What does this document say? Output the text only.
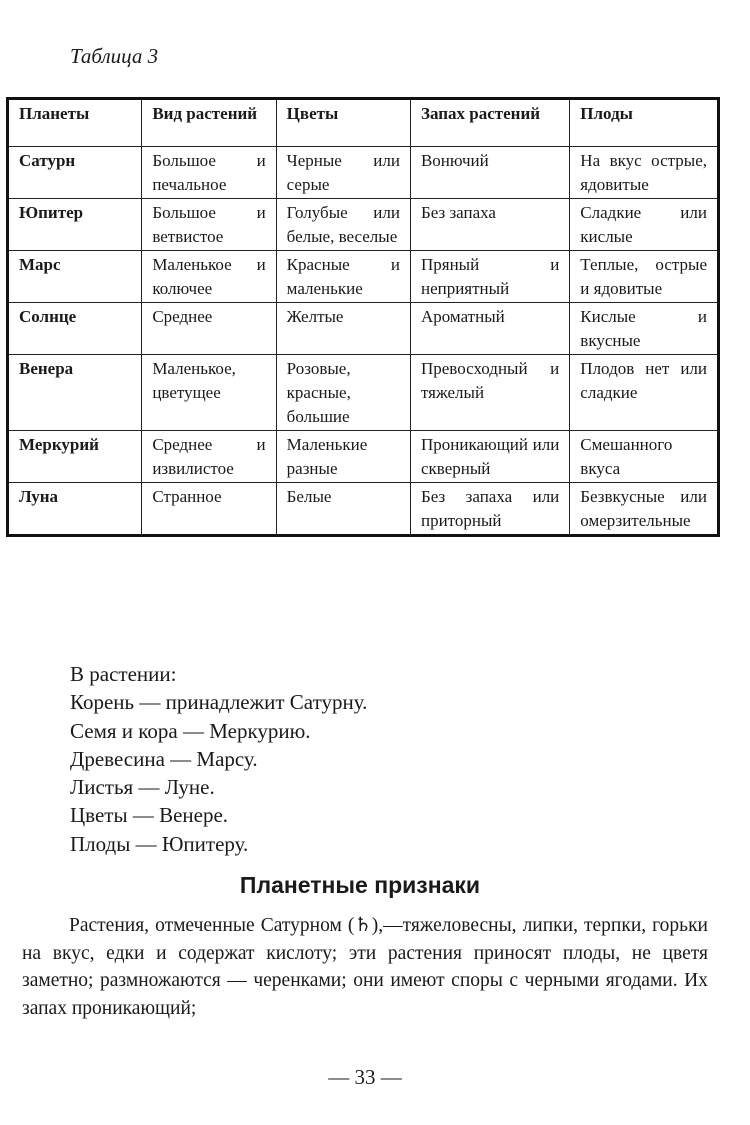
Таблица 3
Планеты	Вид растений	Цветы	Запах растений	Плоды
Сатурн	Большое и печальное	Черные или серые	Вонючий	На вкус острые, ядовитые
Юпитер	Большое и ветвистое	Голубые или белые, веселые	Без запаха	Сладкие или кислые
Марс	Маленькое и колючее	Красные и маленькие	Пряный и неприятный	Теплые, острые и ядовитые
Солнце	Среднее	Желтые	Ароматный	Кислые и вкусные
Венера	Маленькое, цветущее	Розовые, красные, большие	Превосходный и тяжелый	Плодов нет или сладкие
Меркурий	Среднее и извилистое	Маленькие разные	Проникающий или скверный	Смешанного вкуса
Луна	Странное	Белые	Без запаха или приторный	Безвкусные или омерзительные
В растении:
Корень — принадлежит Сатурну.
Семя и кора — Меркурию.
Древесина — Марсу.
Листья — Луне.
Цветы — Венере.
Плоды — Юпитеру.
Планетные признаки
Растения, отмеченные Сатурном (♄),—тяжеловесны, липки, терпки, горьки на вкус, едки и содержат кислоту; эти растения приносят плоды, не цветя заметно; размножаются — черенками; они имеют споры с черными ягодами. Их запах проникающий;
— 33 —
